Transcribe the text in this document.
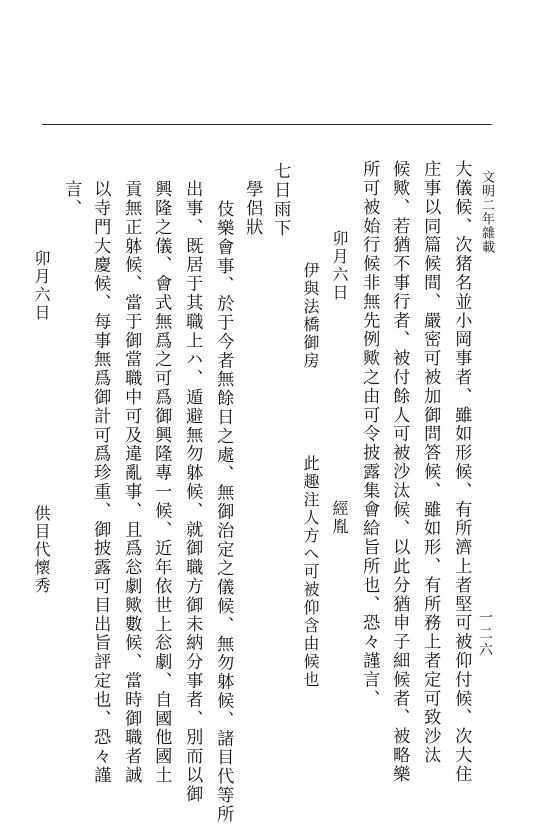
文明二年雜載
一二六
大儀候、次猪名並小岡事者、雖如形候、有所濟上者堅可被仰付候、次大住
庄事以同篇候間、嚴密可被加御問答候、雖如形、有所務上者定可致沙汰
候歟、若猶不事行者、被付餘人可被沙汰候、以此分猶申子細候者、被略樂
所可被始行候非無先例歟之由可令披露集會給旨所也、恐々謹言、
卯月六日
經胤
伊與法橋御房
此趣注人方へ可被仰含由候也
七日雨下
學侶狀
伎樂會事、於于今者無餘日之處、無御治定之儀候、無勿躰候、諸目代等所
出事、既居于其職上ハ、遁避無勿躰候、就御職方御未納分事者、別而以御
興隆之儀、會式無爲之可爲御興隆專一候、近年依世上忩劇、自國他國土
貢無正躰候、當于御當職中可及違亂事、且爲忩劇歟數候、當時御職者誠
以寺門大慶候、每事無爲御計可爲珍重、御披露可目出旨評定也、恐々謹
言、
卯月六日
供目代懷秀
